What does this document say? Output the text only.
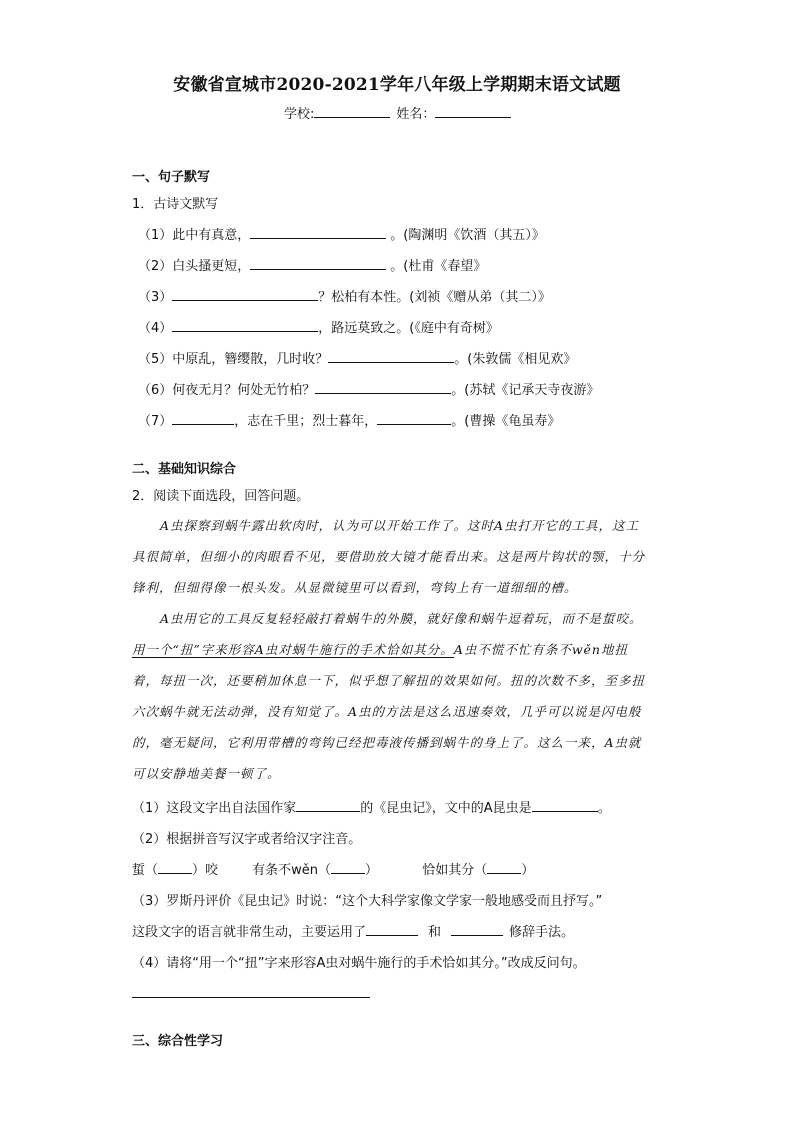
安徽省宣城市2020-2021学年八年级上学期期末语文试题
学校:	姓名：
一、句子默写
1．古诗文默写
（1）此中有真意，	。(陶渊明《饮酒（其五）》
（2）白头搔更短，	。(杜甫《春望》
（3）	？松柏有本性。(刘祯《赠从弟（其二）》
（4）	，路远莫致之。(《庭中有奇树》
（5）中原乱，簪缨散，几时收？	。(朱敦儒《相见欢》
（6）何夜无月？何处无竹柏？	。(苏轼《记承天寺夜游》
（7）	，志在千里；烈士暮年，	。(曹操《龟虽寿》
二、基础知识综合
2．阅读下面选段，回答问题。
A虫探察到蜗牛露出软肉时，认为可以开始工作了。这时A虫打开它的工具，这工
具很简单，但细小的肉眼看不见，要借助放大镜才能看出来。这是两片钩状的颚，十分
锋利，但细得像一根头发。从显微镜里可以看到，弯钩上有一道细细的槽。
A虫用它的工具反复轻轻敲打着蜗牛的外膜，就好像和蜗牛逗着玩，而不是蜇咬。
用一个“扭”字来形容A虫对蜗牛施行的手术恰如其分。A虫不慌不忙有条不wěn地扭
着，每扭一次，还要稍加休息一下，似乎想了解扭的效果如何。扭的次数不多，至多扭
六次蜗牛就无法动弹，没有知觉了。A虫的方法是这么迅速奏效，几乎可以说是闪电般
的，毫无疑问，它利用带槽的弯钩已经把毒液传播到蜗牛的身上了。这么一来，A虫就
可以安静地美餐一顿了。
（1）这段文字出自法国作家	的《昆虫记》，文中的A昆虫是	。
（2）根据拼音写汉字或者给汉字注音。
蜇（	）咬	有条不wěn（	）	恰如其分（	）
（3）罗斯丹评价《昆虫记》时说：“这个大科学家像文学家一般地感受而且抒写。”
这段文字的语言就非常生动，主要运用了	和	修辞手法。
（4）请将“用一个“扭”字来形容A虫对蜗牛施行的手术恰如其分。”改成反问句。
三、综合性学习
